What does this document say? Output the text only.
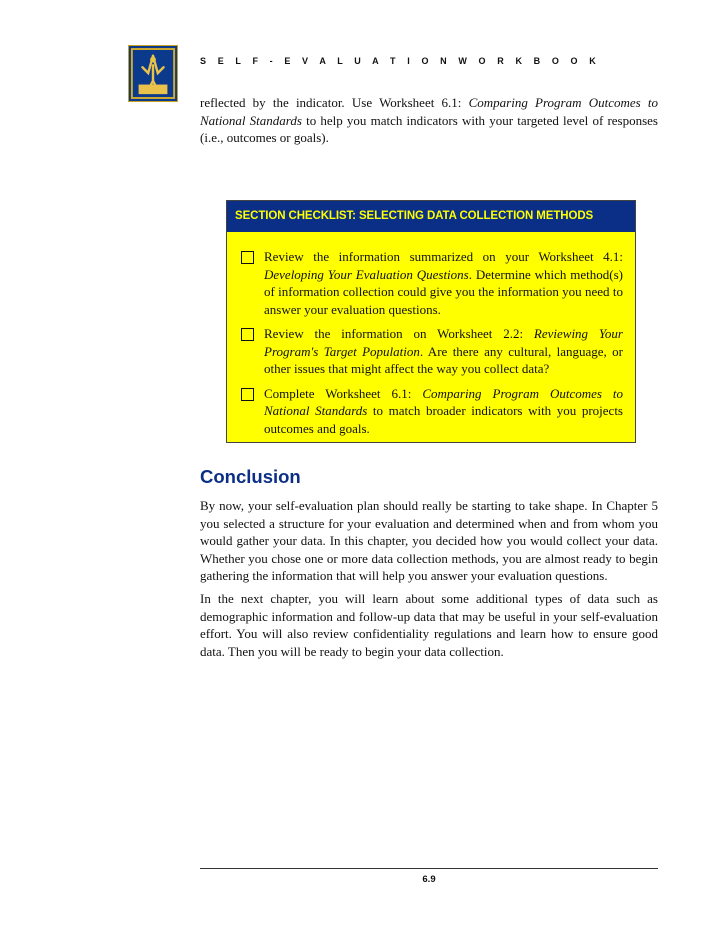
S E L F - E V A L U A T I O N W O R K B O O K

reflected by the indicator. Use Worksheet 6.1: Comparing Program Outcomes to National Standards to help you match indicators with your targeted level of responses (i.e., outcomes or goals).

SECTION CHECKLIST: SELECTING DATA COLLECTION METHODS
Review the information summarized on your Worksheet 4.1: Developing Your Evaluation Questions. Determine which method(s) of information collection could give you the information you need to answer your evaluation questions.
Review the information on Worksheet 2.2: Reviewing Your Program's Target Population. Are there any cultural, language, or other issues that might affect the way you collect data?
Complete Worksheet 6.1: Comparing Program Outcomes to National Standards to match broader indicators with you projects outcomes and goals.
Conclusion

By now, your self-evaluation plan should really be starting to take shape. In Chapter 5 you selected a structure for your evaluation and determined when and from whom you would gather your data. In this chapter, you decided how you would collect your data. Whether you chose one or more data collection methods, you are almost ready to begin gathering the information that will help you answer your evaluation questions.

In the next chapter, you will learn about some additional types of data such as demographic information and follow-up data that may be useful in your self-evaluation effort. You will also review confidentiality regulations and learn how to ensure good data. Then you will be ready to begin your data collection.

6.9
